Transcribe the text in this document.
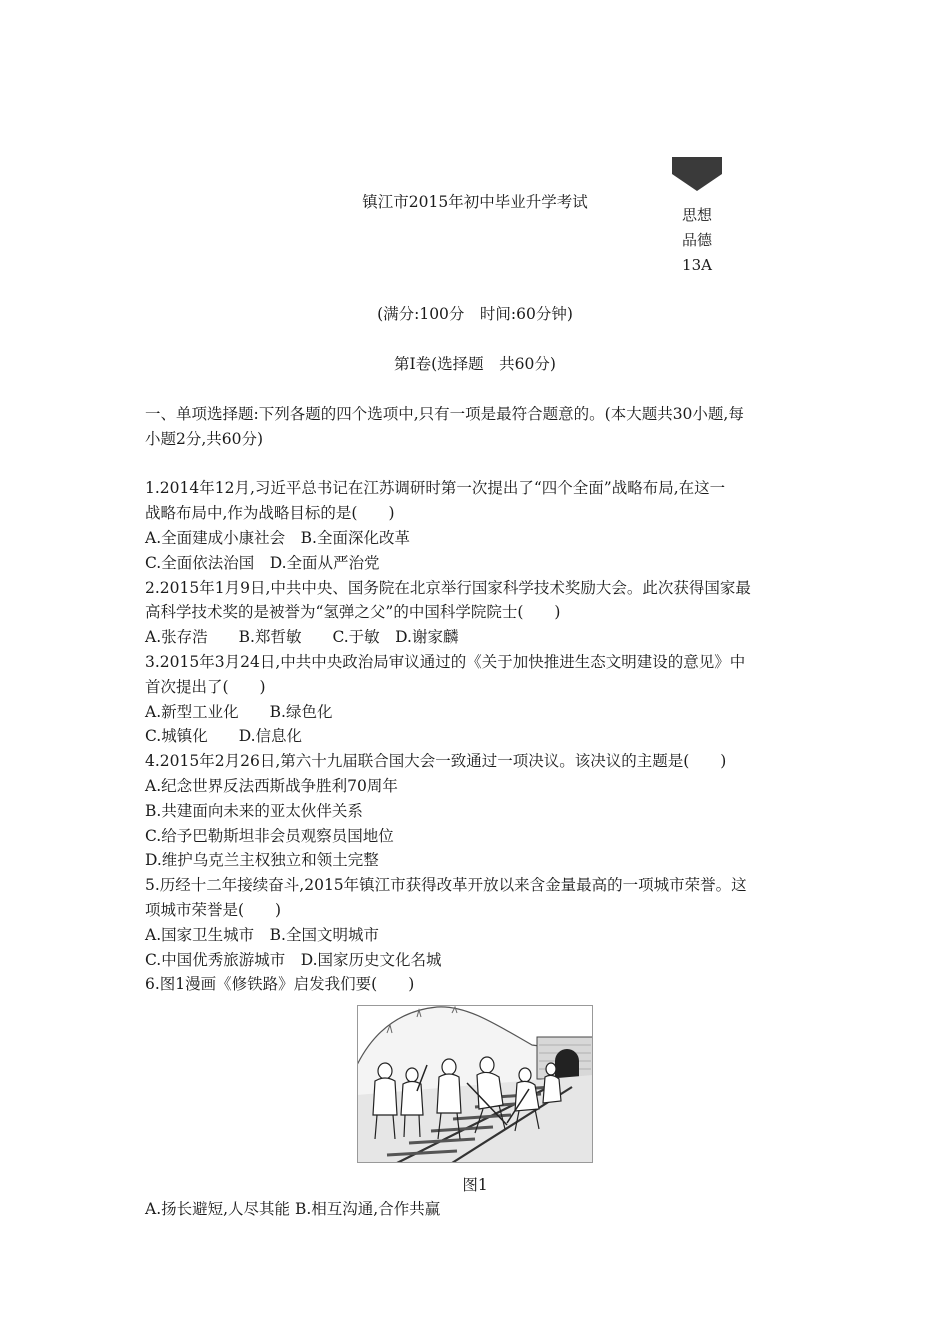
镇江市2015年初中毕业升学考试
思想
品德
13A
(满分:100分　时间:60分钟)
第Ⅰ卷(选择题　共60分)

一、单项选择题:下列各题的四个选项中,只有一项是最符合题意的。(本大题共30小题,每

小题2分,共60分)

1.2014年12月,习近平总书记在江苏调研时第一次提出了“四个全面”战略布局,在这一

战略布局中,作为战略目标的是(　　)

A.全面建成小康社会　B.全面深化改革

C.全面依法治国　D.全面从严治党

2.2015年1月9日,中共中央、国务院在北京举行国家科学技术奖励大会。此次获得国家最

高科学技术奖的是被誉为“氢弹之父”的中国科学院院士(　　)

A.张存浩　　B.郑哲敏　　C.于敏　D.谢家麟

3.2015年3月24日,中共中央政治局审议通过的《关于加快推进生态文明建设的意见》中

首次提出了(　　)

A.新型工业化　　B.绿色化

C.城镇化　　D.信息化

4.2015年2月26日,第六十九届联合国大会一致通过一项决议。该决议的主题是(　　)

A.纪念世界反法西斯战争胜利70周年

B.共建面向未来的亚太伙伴关系

C.给予巴勒斯坦非会员观察员国地位

D.维护乌克兰主权独立和领土完整

5.历经十二年接续奋斗,2015年镇江市获得改革开放以来含金量最高的一项城市荣誉。这

项城市荣誉是(　　)

A.国家卫生城市　B.全国文明城市

C.中国优秀旅游城市　D.国家历史文化名城

6.图1漫画《修铁路》启发我们要(　　)

图1

A.扬长避短,人尽其能 B.相互沟通,合作共赢
